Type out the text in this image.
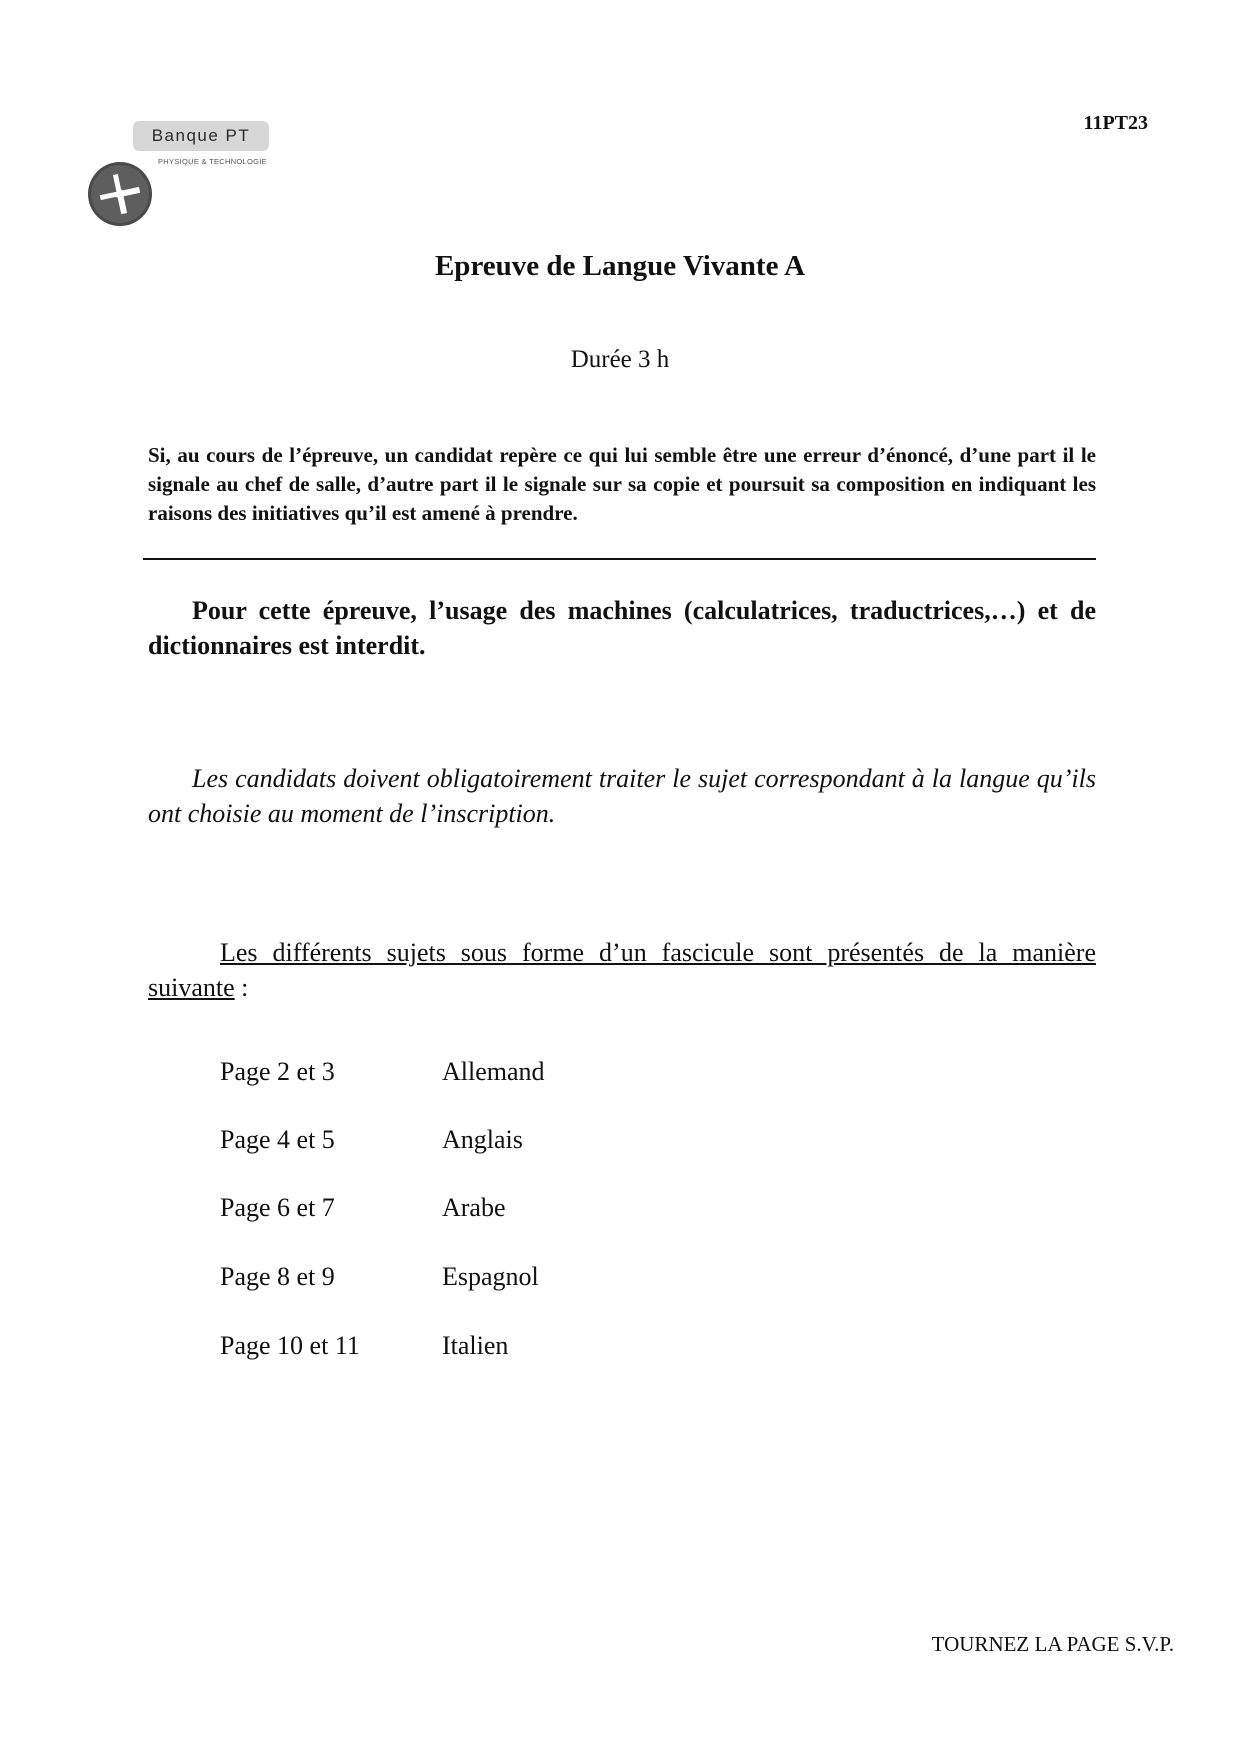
Banque PT
PHYSIQUE & TECHNOLOGIE
11PT23
Epreuve de Langue Vivante A
Durée 3 h
Si, au cours de l’épreuve, un candidat repère ce qui lui semble être une erreur d’énoncé, d’une part il le signale au chef de salle, d’autre part il le signale sur sa copie et poursuit sa composition en indiquant les raisons des initiatives qu’il est amené à prendre.
Pour cette épreuve, l’usage des machines (calculatrices, traductrices,…) et de dictionnaires est interdit.
Les candidats doivent obligatoirement traiter le sujet correspondant à la langue qu’ils ont choisie au moment de l’inscription.
Les différents sujets sous forme d’un fascicule sont présentés de la manière suivante :
Page 2 et 3	Allemand
Page 4 et 5	Anglais
Page 6 et 7	Arabe
Page 8 et 9	Espagnol
Page 10 et 11	Italien
TOURNEZ LA PAGE S.V.P.
